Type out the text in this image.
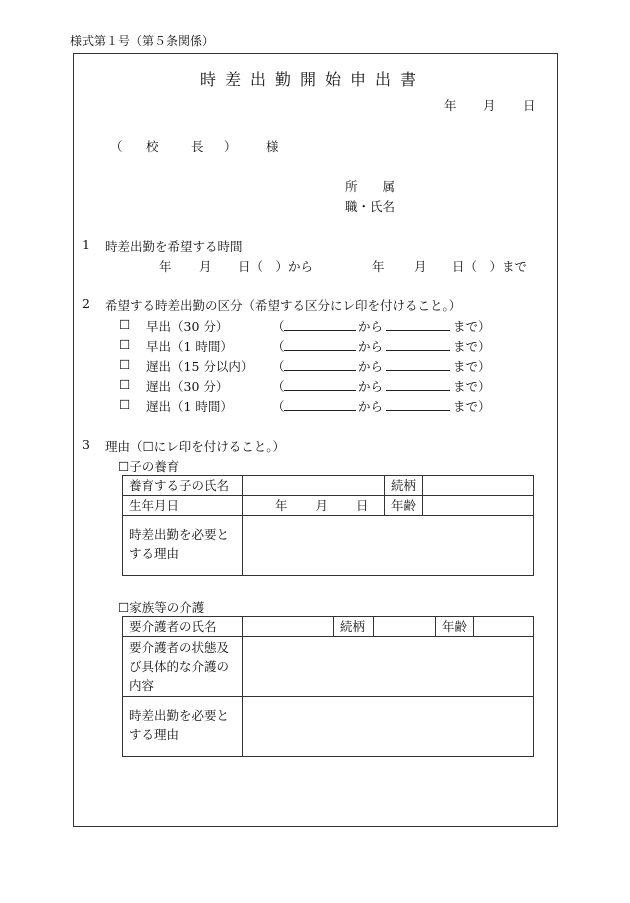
様式第１号（第５条関係）
時差出勤開始申出書
年 月 日
（ 校　長 ） 様
所　　属
職・氏名
1 時差出勤を希望する時間
年 月 日（　）から	年 月 日（　）まで
2 希望する時差出勤の区分（希望する区分にレ印を付けること。）
☐ 早出（30 分）	（	から	まで）
☐ 早出（1 時間）	（	から	まで）
☐ 遅出（15 分以内） （	から	まで）
☐ 遅出（30 分）	（	から	まで）
☐ 遅出（1 時間）	（	から	まで）
3 理由（☐にレ印を付けること。）
☐子の養育
養育する子の氏名		続柄	
生年月日	年 月 日	年齢	

時差出勤を必要と
する理由			

☐家族等の介護
要介護者の氏名		続柄		年齢	

要介護者の状態及
び具体的な介護の
内容					

時差出勤を必要と
する理由					
